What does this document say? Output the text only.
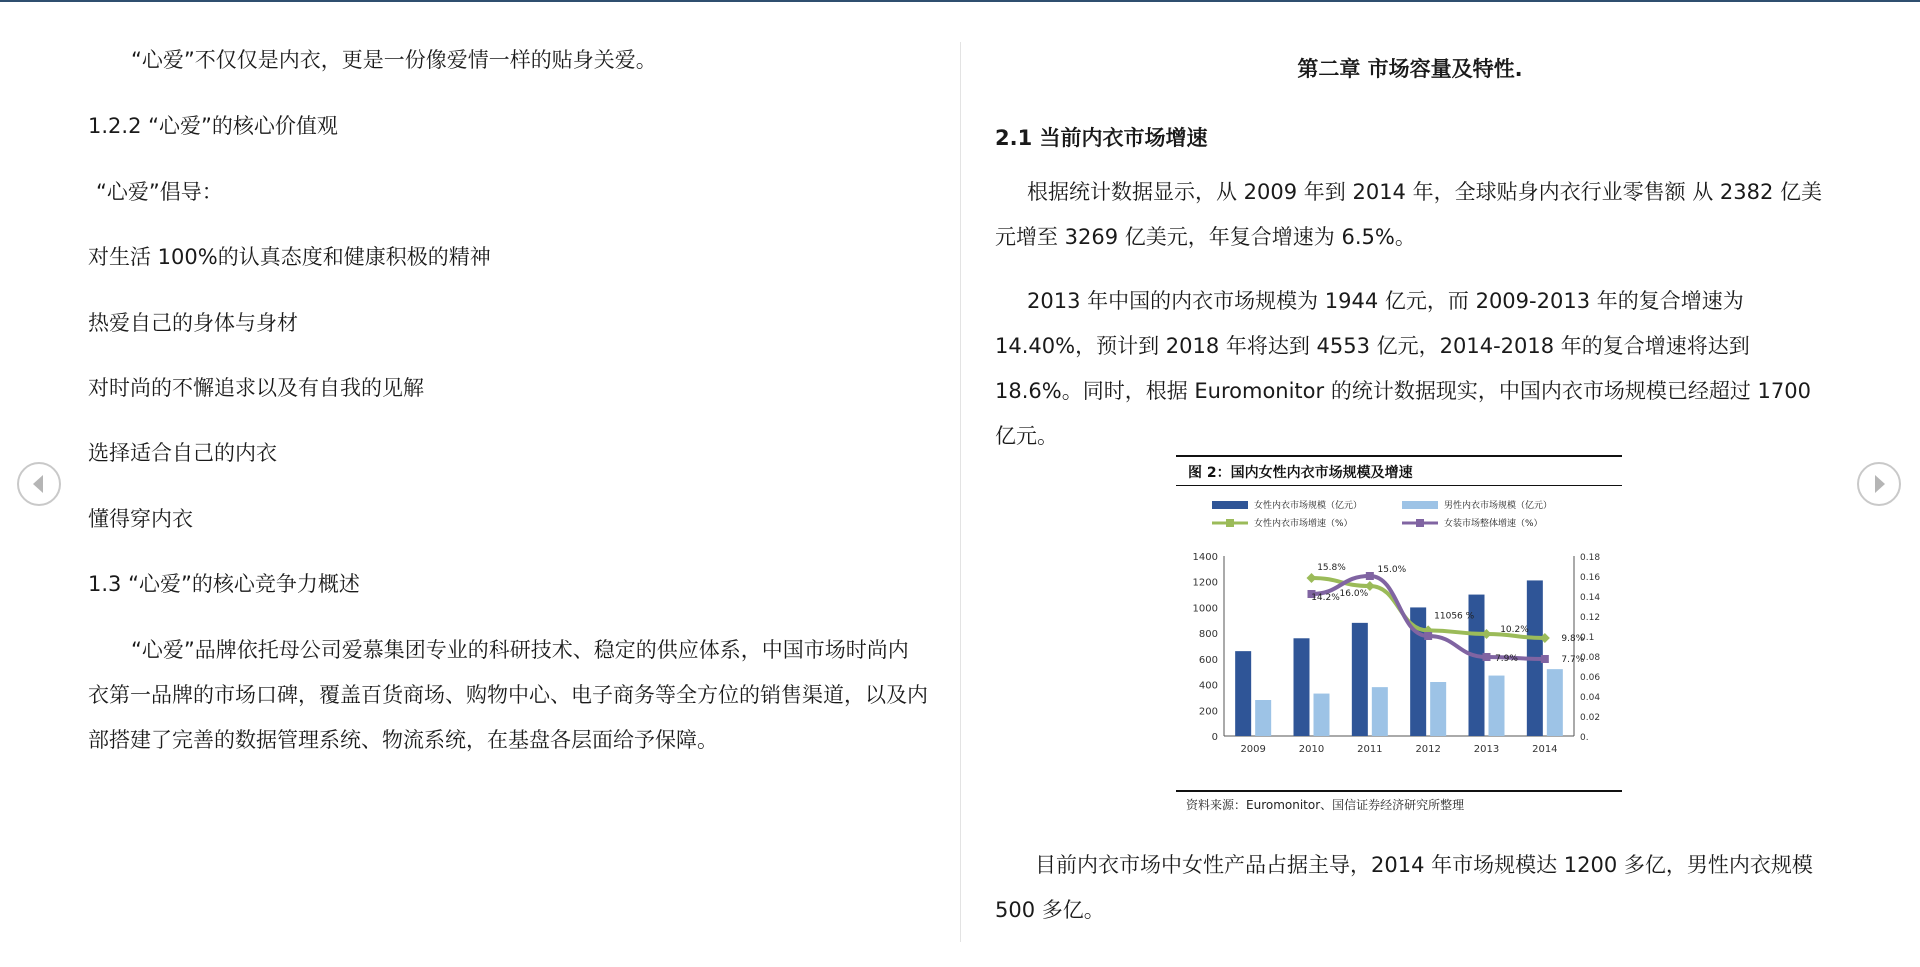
“心爱”不仅仅是内衣，更是一份像爱情一样的贴身关爱。
1.2.2 “心爱”的核心价值观
“心爱”倡导：
对生活 100%的认真态度和健康积极的精神
热爱自己的身体与身材
对时尚的不懈追求以及有自我的见解
选择适合自己的内衣
懂得穿内衣
1.3 “心爱”的核心竞争力概述
“心爱”品牌依托母公司爱慕集团专业的科研技术、稳定的供应体系，中国市场时尚内衣第一品牌的市场口碑，覆盖百货商场、购物中心、电子商务等全方位的销售渠道，以及内部搭建了完善的数据管理系统、物流系统，在基盘各层面给予保障。
第二章 市场容量及特性.
2.1 当前内衣市场增速
根据统计数据显示，从 2009 年到 2014 年，全球贴身内衣行业零售额 从 2382 亿美元增至 3269 亿美元，年复合增速为 6.5%。
2013 年中国的内衣市场规模为 1944 亿元，而 2009-2013 年的复合增速为 14.40%，预计到 2018 年将达到 4553 亿元，2014-2018 年的复合增速将达到 18.6%。同时，根据 Euromonitor 的统计数据现实，中国内衣市场规模已经超过 1700 亿元。
目前内衣市场中女性产品占据主导，2014 年市场规模达 1200 多亿，男性内衣规模 500 多亿。
图 2：国内女性内衣市场规模及增速
0
200
400
600
800
1000
1200
1400
0.
0.02
0.04
0.06
0.08
0.1
0.12
0.14
0.16
0.18
2009	2010	2011	2012	2013	2014
15.8%	15.0%
14.2% 16.0%
11056 %
10.2%
9.8%
7.9%	7.7%
女性内衣市场规模（亿元）	男性内衣市场规模（亿元）
女性内衣市场增速（%）	女装市场整体增速（%）
资料来源：Euromonitor、国信证券经济研究所整理
